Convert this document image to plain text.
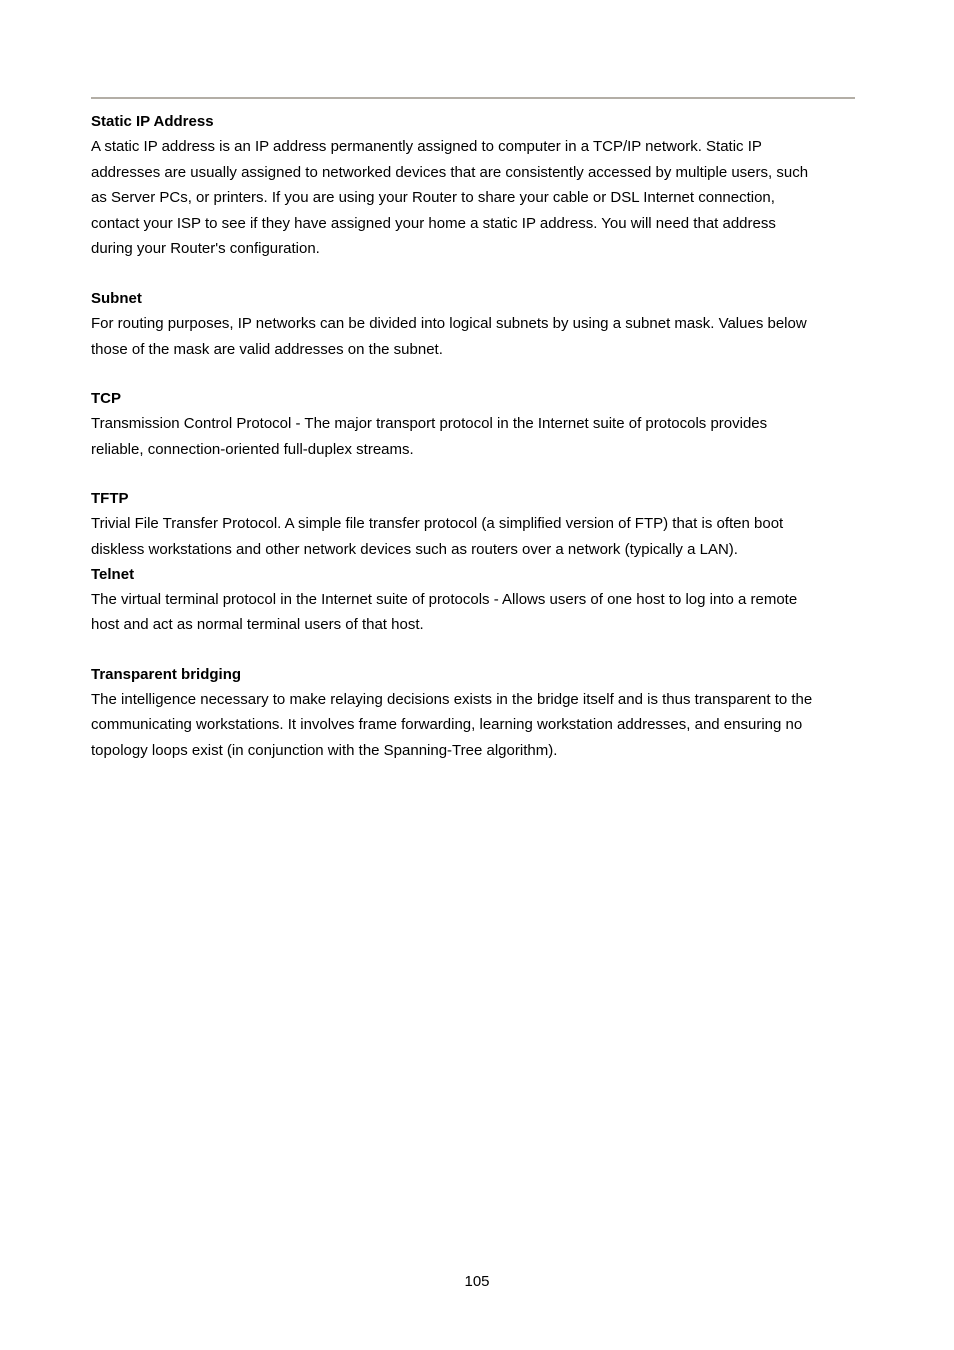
Static IP Address

A static IP address is an IP address permanently assigned to computer in a TCP/IP network. Static IP
addresses are usually assigned to networked devices that are consistently accessed by multiple users, such
as Server PCs, or printers. If you are using your Router to share your cable or DSL Internet connection,
contact your ISP to see if they have assigned your home a static IP address. You will need that address
during your Router's configuration.

Subnet

For routing purposes, IP networks can be divided into logical subnets by using a subnet mask. Values below
those of the mask are valid addresses on the subnet.

TCP

Transmission Control Protocol - The major transport protocol in the Internet suite of protocols provides
reliable, connection-oriented full-duplex streams.

TFTP

Trivial File Transfer Protocol. A simple file transfer protocol (a simplified version of FTP) that is often boot
diskless workstations and other network devices such as routers over a network (typically a LAN).

Telnet

The virtual terminal protocol in the Internet suite of protocols - Allows users of one host to log into a remote
host and act as normal terminal users of that host.

Transparent bridging

The intelligence necessary to make relaying decisions exists in the bridge itself and is thus transparent to the
communicating workstations. It involves frame forwarding, learning workstation addresses, and ensuring no
topology loops exist (in conjunction with the Spanning-Tree algorithm).

105
